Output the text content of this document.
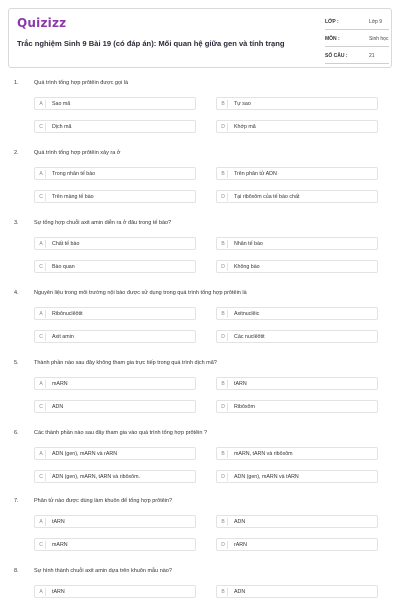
Quizizz
Trắc nghiệm Sinh 9 Bài 19 (có đáp án): Mối quan hệ giữa gen và tính trạng
LỚP :	Lớp 9
MÔN :	Sinh học
SỐ CÂU :	21
1.	Quá trình tổng hợp prôtêin được gọi là
A	Sao mã	B	Tự sao
C	Dịch mã	D	Khớp mã
2.	Quá trình tổng hợp prôtêin xảy ra ở
A	Trong nhân tế bào	B	Trên phân tử ADN
C	Trên màng tế bào	D	Tại ribôxôm của tế bào chất
3.	Sự tổng hợp chuỗi axit amin diễn ra ở đâu trong tế bào?
A	Chất tế bào	B	Nhân tế bào
C	Bào quan	D	Không bào
4.	Nguyên liệu trong môi trường nội bào được sử dụng trong quá trình tổng hợp prôtêin là
A	Ribônuclêôtit	B	Axitnuclêic
C	Axit amin	D	Các nuclêôtit
5.	Thành phần nào sau đây không tham gia trực tiếp trong quá trình dịch mã?
A	mARN	B	tARN
C	ADN	D	Ribôxôm
6.	Các thành phần nào sau đây tham gia vào quá trình tổng hợp prôtêin ?
A	ADN (gen), mARN và rARN	B	mARN, tARN và ribôxôm
C	ADN (gen), mARN, tARN và ribôxôm.	D	ADN (gen), mARN và tARN
7.	Phân tử nào được dùng làm khuôn để tổng hợp prôtêin?
A	tARN	B	ADN
C	mARN	D	rARN
8.	Sự hình thành chuỗi axit amin dựa trên khuôn mẫu nào?
A	tARN	B	ADN
